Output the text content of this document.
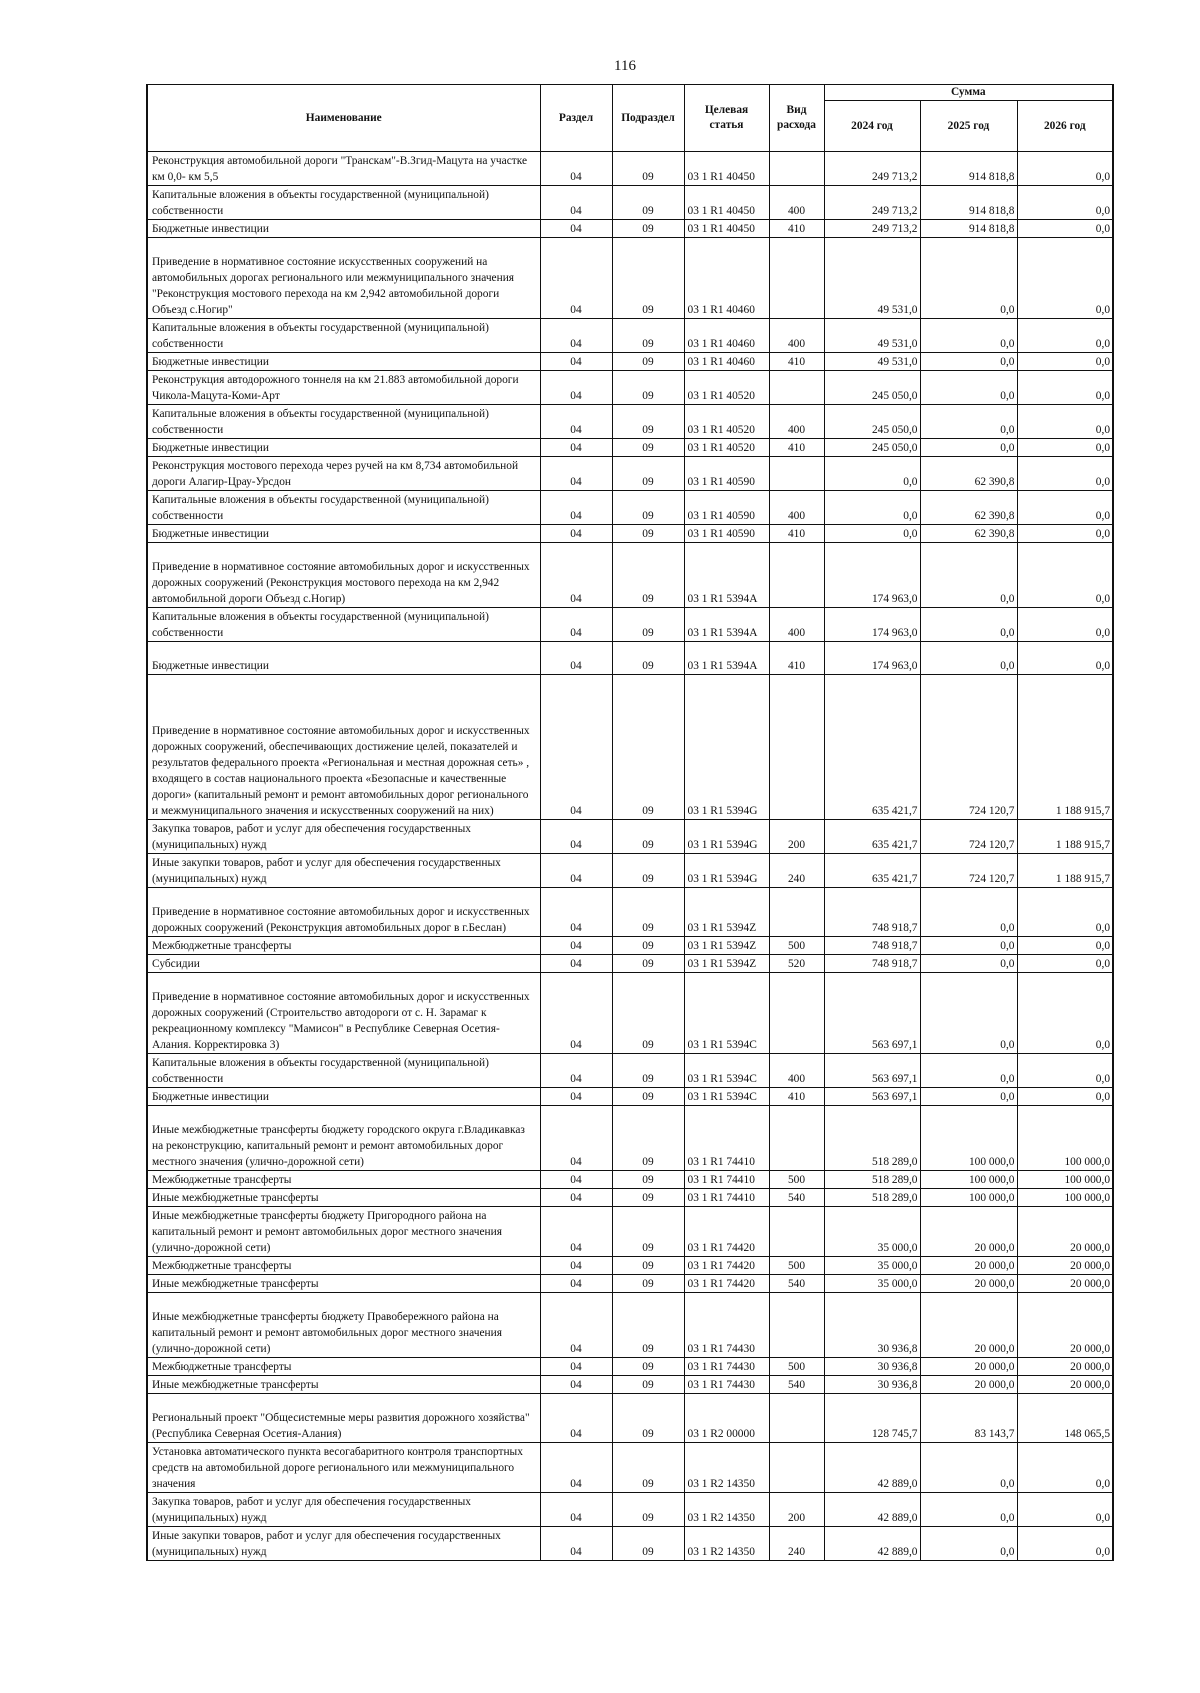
116
Наименование	Раздел	Подраздел	Целевая статья	Вид расхода	Сумма		
					2024 год	2025 год	2026 год
Реконструкция автомобильной дороги "Транскам"-В.Згид-Мацута на участке км 0,0- км 5,5	04	09	03 1 R1 40450		249 713,2	914 818,8	0,0
Капитальные вложения в объекты государственной (муниципальной) собственности	04	09	03 1 R1 40450	400	249 713,2	914 818,8	0,0
Бюджетные инвестиции	04	09	03 1 R1 40450	410	249 713,2	914 818,8	0,0
Приведение в нормативное состояние искусственных сооружений на автомобильных дорогах регионального или межмуниципального значения "Реконструкция мостового перехода на км 2,942 автомобильной дороги Объезд с.Ногир"	04	09	03 1 R1 40460		49 531,0	0,0	0,0
Капитальные вложения в объекты государственной (муниципальной) собственности	04	09	03 1 R1 40460	400	49 531,0	0,0	0,0
Бюджетные инвестиции	04	09	03 1 R1 40460	410	49 531,0	0,0	0,0
Реконструкция автодорожного тоннеля на км 21.883 автомобильной дороги Чикола-Мацута-Коми-Арт	04	09	03 1 R1 40520		245 050,0	0,0	0,0
Капитальные вложения в объекты государственной (муниципальной) собственности	04	09	03 1 R1 40520	400	245 050,0	0,0	0,0
Бюджетные инвестиции	04	09	03 1 R1 40520	410	245 050,0	0,0	0,0
Реконструкция мостового перехода через ручей на км 8,734 автомобильной дороги Алагир-Црау-Урсдон	04	09	03 1 R1 40590		0,0	62 390,8	0,0
Капитальные вложения в объекты государственной (муниципальной) собственности	04	09	03 1 R1 40590	400	0,0	62 390,8	0,0
Бюджетные инвестиции	04	09	03 1 R1 40590	410	0,0	62 390,8	0,0
Приведение в нормативное состояние автомобильных дорог и искусственных дорожных сооружений (Реконструкция мостового перехода на км 2,942 автомобильной дороги Объезд с.Ногир)	04	09	03 1 R1 5394A		174 963,0	0,0	0,0
Капитальные вложения в объекты государственной (муниципальной) собственности	04	09	03 1 R1 5394A	400	174 963,0	0,0	0,0
Бюджетные инвестиции	04	09	03 1 R1 5394A	410	174 963,0	0,0	0,0
Приведение в нормативное состояние автомобильных дорог и искусственных дорожных сооружений, обеспечивающих достижение целей, показателей и результатов федерального проекта «Региональная и местная дорожная сеть» , входящего в состав национального проекта «Безопасные и качественные дороги» (капитальный ремонт и ремонт автомобильных дорог регионального и межмуниципального значения и искусственных сооружений на них)	04	09	03 1 R1 5394G		635 421,7	724 120,7	1 188 915,7
Закупка товаров, работ и услуг для обеспечения государственных (муниципальных) нужд	04	09	03 1 R1 5394G	200	635 421,7	724 120,7	1 188 915,7
Иные закупки товаров, работ и услуг для обеспечения государственных (муниципальных) нужд	04	09	03 1 R1 5394G	240	635 421,7	724 120,7	1 188 915,7
Приведение в нормативное состояние автомобильных дорог и искусственных дорожных сооружений (Реконструкция автомобильных дорог в г.Беслан)	04	09	03 1 R1 5394Z		748 918,7	0,0	0,0
Межбюджетные трансферты	04	09	03 1 R1 5394Z	500	748 918,7	0,0	0,0
Субсидии	04	09	03 1 R1 5394Z	520	748 918,7	0,0	0,0
Приведение в нормативное состояние автомобильных дорог и искусственных дорожных сооружений (Строительство автодороги от с. Н. Зарамаг к рекреационному комплексу "Мамисон" в Республике Северная Осетия-Алания. Корректировка 3)	04	09	03 1 R1 5394C		563 697,1	0,0	0,0
Капитальные вложения в объекты государственной (муниципальной) собственности	04	09	03 1 R1 5394C	400	563 697,1	0,0	0,0
Бюджетные инвестиции	04	09	03 1 R1 5394C	410	563 697,1	0,0	0,0
Иные межбюджетные трансферты бюджету городского округа г.Владикавказ на реконструкцию, капитальный ремонт и ремонт автомобильных дорог местного значения (улично-дорожной сети)	04	09	03 1 R1 74410		518 289,0	100 000,0	100 000,0
Межбюджетные трансферты	04	09	03 1 R1 74410	500	518 289,0	100 000,0	100 000,0
Иные межбюджетные трансферты	04	09	03 1 R1 74410	540	518 289,0	100 000,0	100 000,0
Иные межбюджетные трансферты бюджету Пригородного района на капитальный ремонт и ремонт автомобильных дорог местного значения (улично-дорожной сети)	04	09	03 1 R1 74420		35 000,0	20 000,0	20 000,0
Межбюджетные трансферты	04	09	03 1 R1 74420	500	35 000,0	20 000,0	20 000,0
Иные межбюджетные трансферты	04	09	03 1 R1 74420	540	35 000,0	20 000,0	20 000,0
Иные межбюджетные трансферты бюджету Правобережного района на капитальный ремонт и ремонт автомобильных дорог местного значения (улично-дорожной сети)	04	09	03 1 R1 74430		30 936,8	20 000,0	20 000,0
Межбюджетные трансферты	04	09	03 1 R1 74430	500	30 936,8	20 000,0	20 000,0
Иные межбюджетные трансферты	04	09	03 1 R1 74430	540	30 936,8	20 000,0	20 000,0
Региональный проект "Общесистемные меры развития дорожного хозяйства" (Республика Северная Осетия-Алания)	04	09	03 1 R2 00000		128 745,7	83 143,7	148 065,5
Установка автоматического пункта весогабаритного контроля транспортных средств на автомобильной дороге регионального или межмуниципального значения	04	09	03 1 R2 14350		42 889,0	0,0	0,0
Закупка товаров, работ и услуг для обеспечения государственных (муниципальных) нужд	04	09	03 1 R2 14350	200	42 889,0	0,0	0,0
Иные закупки товаров, работ и услуг для обеспечения государственных (муниципальных) нужд	04	09	03 1 R2 14350	240	42 889,0	0,0	0,0
